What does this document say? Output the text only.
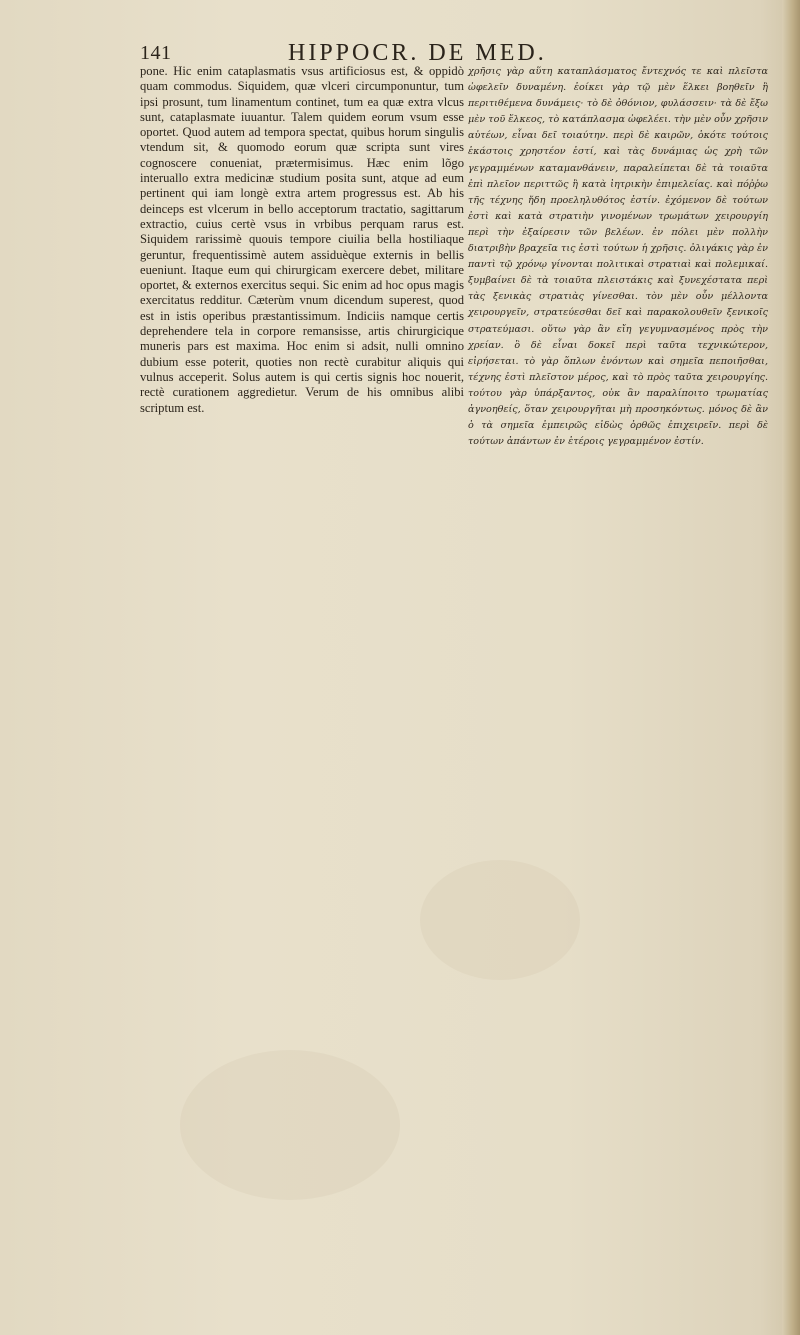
141	HIPPOCR. DE MED.

pone. Hic enim cataplasmatis vsus artificiosus est, & oppidò quam commodus. Siquidem, quæ vlceri circumponuntur, tum ipsi prosunt, tum linamentum continet, tum ea quæ extra vlcus sunt, cataplasmate iuuantur. Talem quidem eorum vsum esse oportet. Quod autem ad tempora spectat, quibus horum singulis vtendum sit, & quomodo eorum quæ scripta sunt vires cognoscere conueniat, prætermisimus. Hæc enim lõgo interuallo extra medicinæ studium posita sunt, atque ad eum pertinent qui iam longè extra artem progressus est. Ab his deinceps est vlcerum in bello acceptorum tractatio, sagittarum extractio, cuius certè vsus in vrbibus perquam rarus est. Siquidem rarissimè quouis tempore ciuilia bella hostiliaque geruntur, frequentissimè autem assiduèque externis in bellis eueniunt. Itaque eum qui chirurgicam exercere debet, militare oportet, & externos exercitus sequi. Sic enim ad hoc opus magis exercitatus redditur. Cæterùm vnum dicendum superest, quod est in istis operibus præstantissimum. Indiciis namque certis deprehendere tela in corpore remansisse, artis chirurgicique muneris pars est maxima. Hoc enim si adsit, nulli omnino dubium esse poterit, quoties non rectè curabitur aliquis qui vulnus acceperit. Solus autem is qui certis signis hoc nouerit, rectè curationem aggredietur. Verum de his omnibus alibi scriptum est.

χρῆσις γὰρ αὕτη καταπλάσματος ἔντεχνός τε καὶ πλεῖστα ὠφελεῖν δυναμένη. ἐοίκει γὰρ τῷ μὲν ἕλκει βοηθεῖν ἢ περιτιθέμενα δυνάμεις· τὸ δὲ ὀθόνιον, φυλάσσειν· τὰ δὲ ἔξω μὲν τοῦ ἕλκεος, τὸ κατάπλασμα ὠφελέει. τὴν μὲν οὖν χρῆσιν αὐτέων, εἶναι δεῖ τοιαύτην. περὶ δὲ καιρῶν, ὁκότε τούτοις ἑκάστοις χρηστέον ἐστί, καὶ τὰς δυνάμιας ὡς χρὴ τῶν γεγραμμένων καταμανθάνειν, παραλείπεται δὲ τὰ τοιαῦτα ἐπὶ πλεῖον περιττῶς ἢ κατὰ ἰητρικὴν ἐπιμελείας. καὶ πόῤῥω τῆς τέχνης ἤδη προεληλυθότος ἐστίν. ἐχόμενον δὲ τούτων ἐστὶ καὶ κατὰ στρατιὴν γινομένων τρωμάτων χειρουργίη περὶ τὴν ἐξαίρεσιν τῶν βελέων. ἐν πόλει μὲν πολλὴν διατριβὴν βραχεῖα τις ἐστὶ τούτων ἡ χρῆσις. ὀλιγάκις γὰρ ἐν παντὶ τῷ χρόνῳ γίνονται πολιτικαὶ στρατιαὶ καὶ πολεμικαί. ξυμβαίνει δὲ τὰ τοιαῦτα πλειστάκις καὶ ξυνεχέστατα περὶ τὰς ξενικὰς στρατιὰς γίνεσθαι. τὸν μὲν οὖν μέλλοντα χειρουργεῖν, στρατεύεσθαι δεῖ καὶ παρακολουθεῖν ξενικοῖς στρατεύμασι. οὕτω γὰρ ἂν εἴη γεγυμνασμένος πρὸς τὴν χρείαν. ὃ δὲ εἶναι δοκεῖ περὶ ταῦτα τεχνικώτερον, εἰρήσεται. τὸ γὰρ ὅπλων ἐνόντων καὶ σημεῖα πεποιῆσθαι, τέχνης ἐστὶ πλεῖστον μέρος, καὶ τὸ πρὸς ταῦτα χειρουργίης. τούτου γὰρ ὑπάρξαντος, οὐκ ἂν παραλίποιτο τρωματίας ἀγνοηθείς, ὅταν χειρουργῆται μὴ προσηκόντως. μόνος δὲ ἂν ὁ τὰ σημεῖα ἐμπειρῶς εἰδὼς ὀρθῶς ἐπιχειρεῖν. περὶ δὲ τούτων ἁπάντων ἐν ἑτέροις γεγραμμένον ἐστίν.
